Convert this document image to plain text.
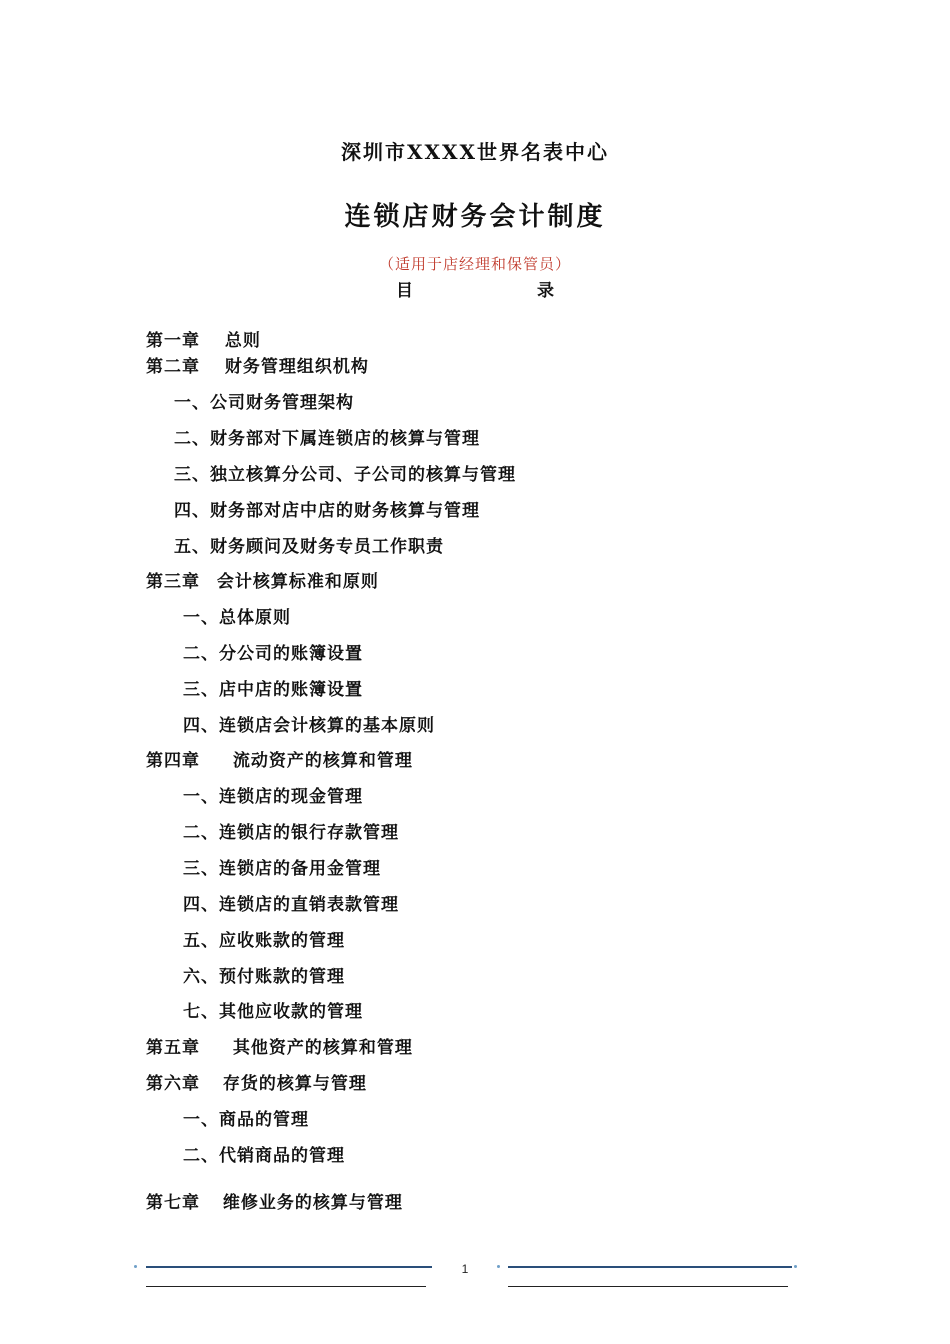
深圳市XXXX世界名表中心
连锁店财务会计制度
（适用于店经理和保管员）
目	录
第一章 总则
第二章 财务管理组织机构
一、公司财务管理架构
二、财务部对下属连锁店的核算与管理
三、独立核算分公司、子公司的核算与管理
四、财务部对店中店的财务核算与管理
五、财务顾问及财务专员工作职责
第三章 会计核算标准和原则
一、总体原则
二、分公司的账簿设置
三、店中店的账簿设置
四、连锁店会计核算的基本原则
第四章 流动资产的核算和管理
一、连锁店的现金管理
二、连锁店的银行存款管理
三、连锁店的备用金管理
四、连锁店的直销表款管理
五、应收账款的管理
六、预付账款的管理
七、其他应收款的管理
第五章 其他资产的核算和管理
第六章 存货的核算与管理
一、商品的管理
二、代销商品的管理
第七章 维修业务的核算与管理
1
